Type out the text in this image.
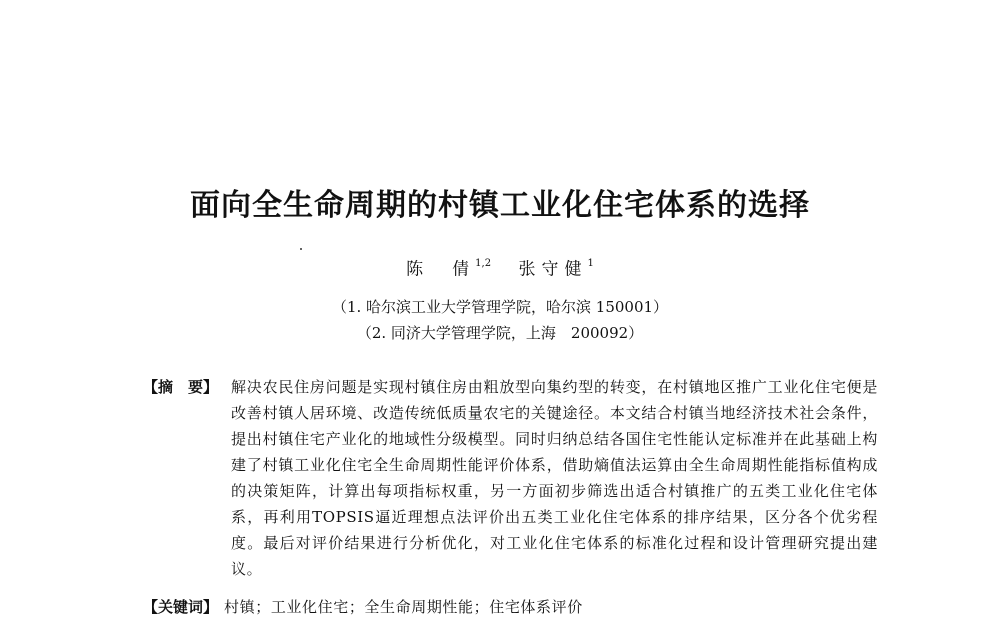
面向全生命周期的村镇工业化住宅体系的选择
陈　倩$^{1,2}$ 张守健$^1$
（1. 哈尔滨工业大学管理学院，哈尔滨 150001）
（2. 同济大学管理学院，上海　200092）
【摘　要】 解决农民住房问题是实现村镇住房由粗放型向集约型的转变，在村镇地区推广工业化住宅便是改善村镇人居环境、改造传统低质量农宅的关键途径。本文结合村镇当地经济技术社会条件，提出村镇住宅产业化的地域性分级模型。同时归纳总结各国住宅性能认定标准并在此基础上构建了村镇工业化住宅全生命周期性能评价体系，借助熵值法运算由全生命周期性能指标值构成的决策矩阵，计算出每项指标权重，另一方面初步筛选出适合村镇推广的五类工业化住宅体系，再利用TOPSIS逼近理想点法评价出五类工业化住宅体系的排序结果，区分各个优劣程度。最后对评价结果进行分析优化，对工业化住宅体系的标准化过程和设计管理研究提出建议。

【关键词】 村镇；工业化住宅；全生命周期性能；住宅体系评价
